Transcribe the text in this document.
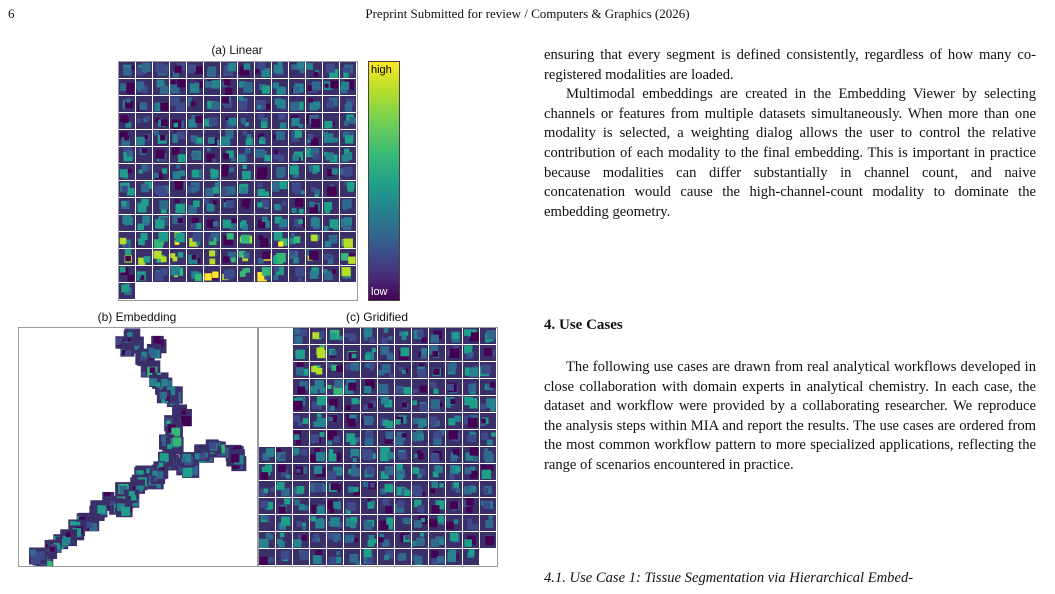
6	Preprint Submitted for review / Computers & Graphics (2026)
(a) Linear
high
low
(b) Embedding	(c) Gridified

ensuring that every segment is defined consistently, regardless of how many co-registered modalities are loaded.

Multimodal embeddings are created in the Embedding Viewer by selecting channels or features from multiple datasets simultaneously. When more than one modality is selected, a weighting dialog allows the user to control the relative contribution of each modality to the final embedding. This is important in practice because modalities can differ substantially in channel count, and naive concatenation would cause the high-channel-count modality to dominate the embedding geometry.

4. Use Cases

The following use cases are drawn from real analytical workflows developed in close collaboration with domain experts in analytical chemistry. In each case, the dataset and workflow were provided by a collaborating researcher. We reproduce the analysis steps within MIA and report the results. The use cases are ordered from the most common workflow pattern to more specialized applications, reflecting the range of scenarios encountered in practice.

4.1. Use Case 1: Tissue Segmentation via Hierarchical Embed-
